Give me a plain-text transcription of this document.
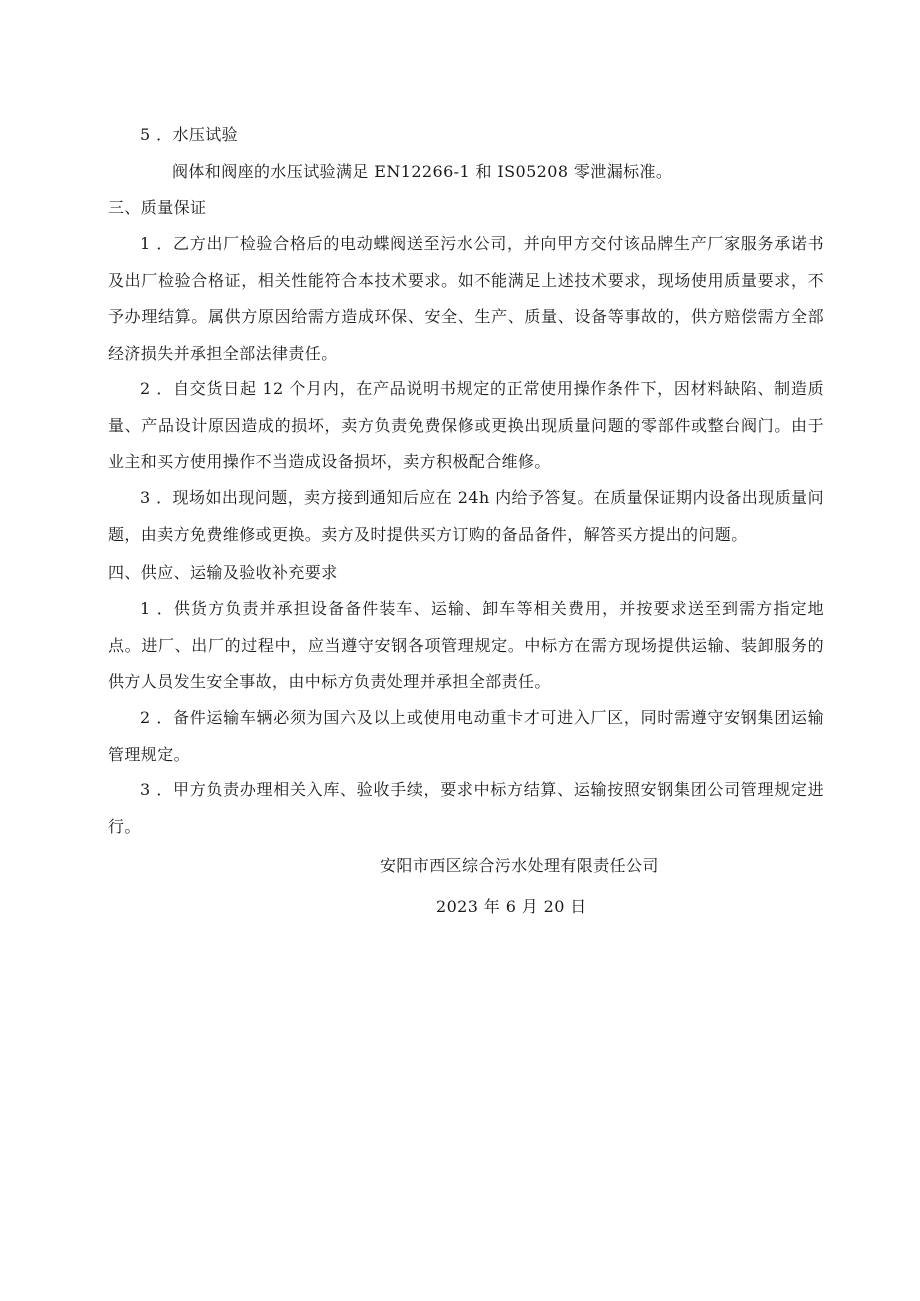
5 ．水压试验
阀体和阀座的水压试验满足 EN12266-1 和 IS05208 零泄漏标准。
三、质量保证
1 ．乙方出厂检验合格后的电动蝶阀送至污水公司，并向甲方交付该品牌生产厂家服务承诺书及出厂检验合格证，相关性能符合本技术要求。如不能满足上述技术要求，现场使用质量要求，不予办理结算。属供方原因给需方造成环保、安全、生产、质量、设备等事故的，供方赔偿需方全部经济损失并承担全部法律责任。
2 ．自交货日起 12 个月内，在产品说明书规定的正常使用操作条件下，因材料缺陷、制造质量、产品设计原因造成的损坏，卖方负责免费保修或更换出现质量问题的零部件或整台阀门。由于业主和买方使用操作不当造成设备损坏，卖方积极配合维修。
3 ．现场如出现问题，卖方接到通知后应在 24h 内给予答复。在质量保证期内设备出现质量问题，由卖方免费维修或更换。卖方及时提供买方订购的备品备件，解答买方提出的问题。
四、供应、运输及验收补充要求
1 ．供货方负责并承担设备备件装车、运输、卸车等相关费用，并按要求送至到需方指定地点。进厂、出厂的过程中，应当遵守安钢各项管理规定。中标方在需方现场提供运输、装卸服务的供方人员发生安全事故，由中标方负责处理并承担全部责任。
2 ．备件运输车辆必须为国六及以上或使用电动重卡才可进入厂区，同时需遵守安钢集团运输管理规定。
3 ．甲方负责办理相关入库、验收手续，要求中标方结算、运输按照安钢集团公司管理规定进行。
安阳市西区综合污水处理有限责任公司
2023 年 6 月 20 日
